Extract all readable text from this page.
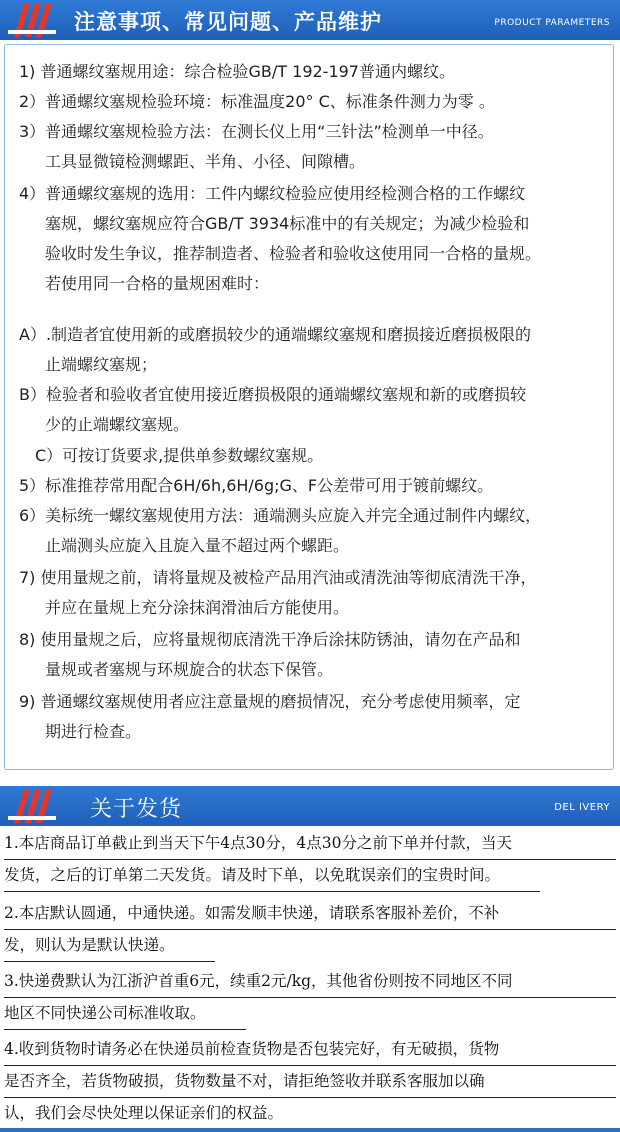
注意事项、常见问题、产品维护	PRODUCT PARAMETERS
1) 普通螺纹塞规用途：综合检验GB/T 192-197普通内螺纹。
2）普通螺纹塞规检验环境：标准温度20° C、标准条件测力为零 。
3）普通螺纹塞规检验方法：在测长仪上用“三针法”检测单一中径。
工具显微镜检测螺距、半角、小径、间隙槽。
4）普通螺纹塞规的选用：工件内螺纹检验应使用经检测合格的工作螺纹
塞规，螺纹塞规应符合GB/T 3934标准中的有关规定；为减少检验和
验收时发生争议，推荐制造者、检验者和验收这使用同一合格的量规。
若使用同一合格的量规困难时：
A）.制造者宜使用新的或磨损较少的通端螺纹塞规和磨损接近磨损极限的
止端螺纹塞规；
B）检验者和验收者宜使用接近磨损极限的通端螺纹塞规和新的或磨损较
少的止端螺纹塞规。
C）可按订货要求,提供单参数螺纹塞规。
5）标准推荐常用配合6H/6h,6H/6g;G、F公差带可用于镀前螺纹。
6）美标统一螺纹塞规使用方法：通端测头应旋入并完全通过制件内螺纹，
止端测头应旋入且旋入量不超过两个螺距。
7) 使用量规之前，请将量规及被检产品用汽油或清洗油等彻底清洗干净，
并应在量规上充分涂抹润滑油后方能使用。
8) 使用量规之后，应将量规彻底清洗干净后涂抹防锈油，请勿在产品和
量规或者塞规与环规旋合的状态下保管。
9) 普通螺纹塞规使用者应注意量规的磨损情况，充分考虑使用频率，定
期进行检查。
关于发货	DEL IVERY
1.本店商品订单截止到当天下午4点30分，4点30分之前下单并付款，当天
发货，之后的订单第二天发货。请及时下单，以免耽误亲们的宝贵时间。

2.本店默认圆通，中通快递。如需发顺丰快递，请联系客服补差价，不补
发，则认为是默认快递。

3.快递费默认为江浙沪首重6元，续重2元/kg，其他省份则按不同地区不同
地区不同快递公司标准收取。

4.收到货物时请务必在快递员前检查货物是否包装完好，有无破损，货物
是否齐全，若货物破损，货物数量不对，请拒绝签收并联系客服加以确
认，我们会尽快处理以保证亲们的权益。
